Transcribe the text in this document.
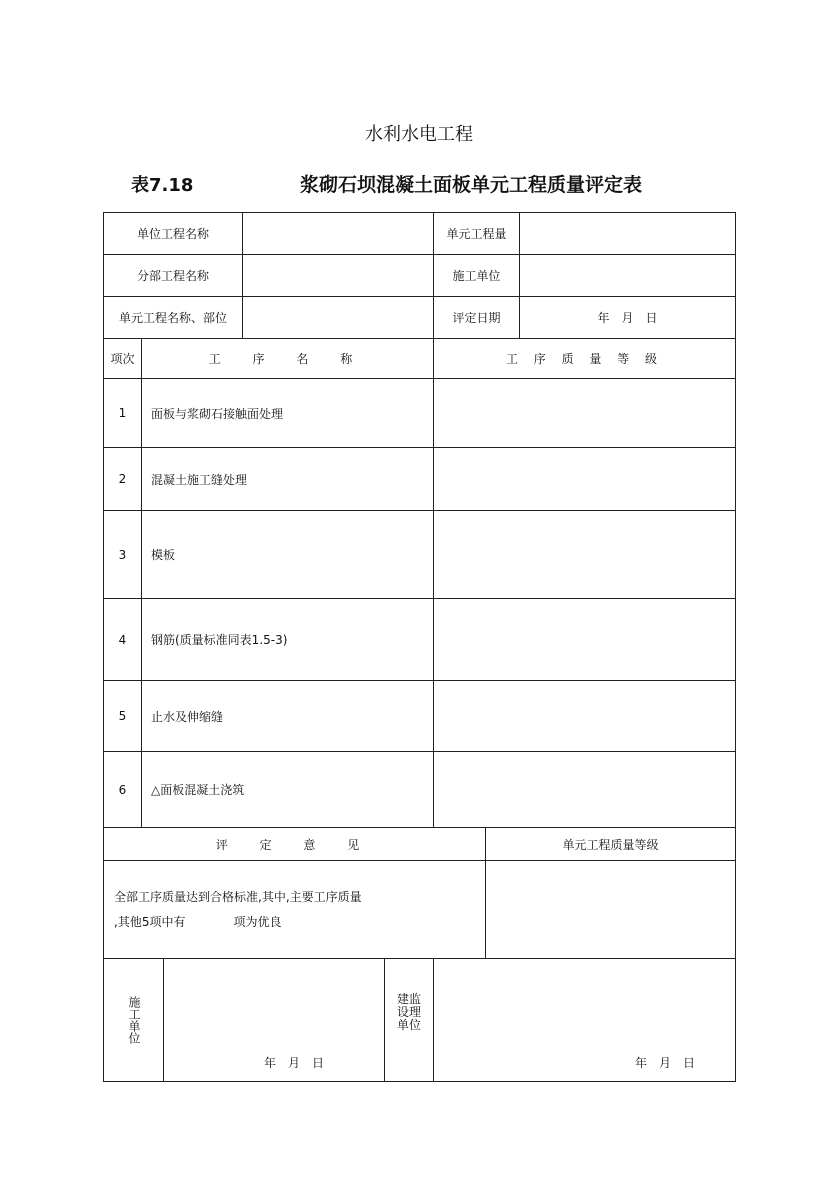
水利水电工程
表7.18	浆砌石坝混凝土面板单元工程质量评定表
单位工程名称	单元工程量
分部工程名称	施工单位
单元工程名称、部位	评定日期	年　月　日
项次	工 序 名 称	工 序 质 量 等 级
1	面板与浆砌石接触面处理
2	混凝土施工缝处理
3	模板
4	钢筋(质量标准同表1.5-3)
5	止水及伸缩缝
6	△面板混凝土浇筑
评 定 意 见	单元工程质量等级
全部工序质量达到合格标准,其中,主要工序质量
,其他5项中有　　　　项为优良
施工单位
年　月　日
建监设理单位
年　月　日
